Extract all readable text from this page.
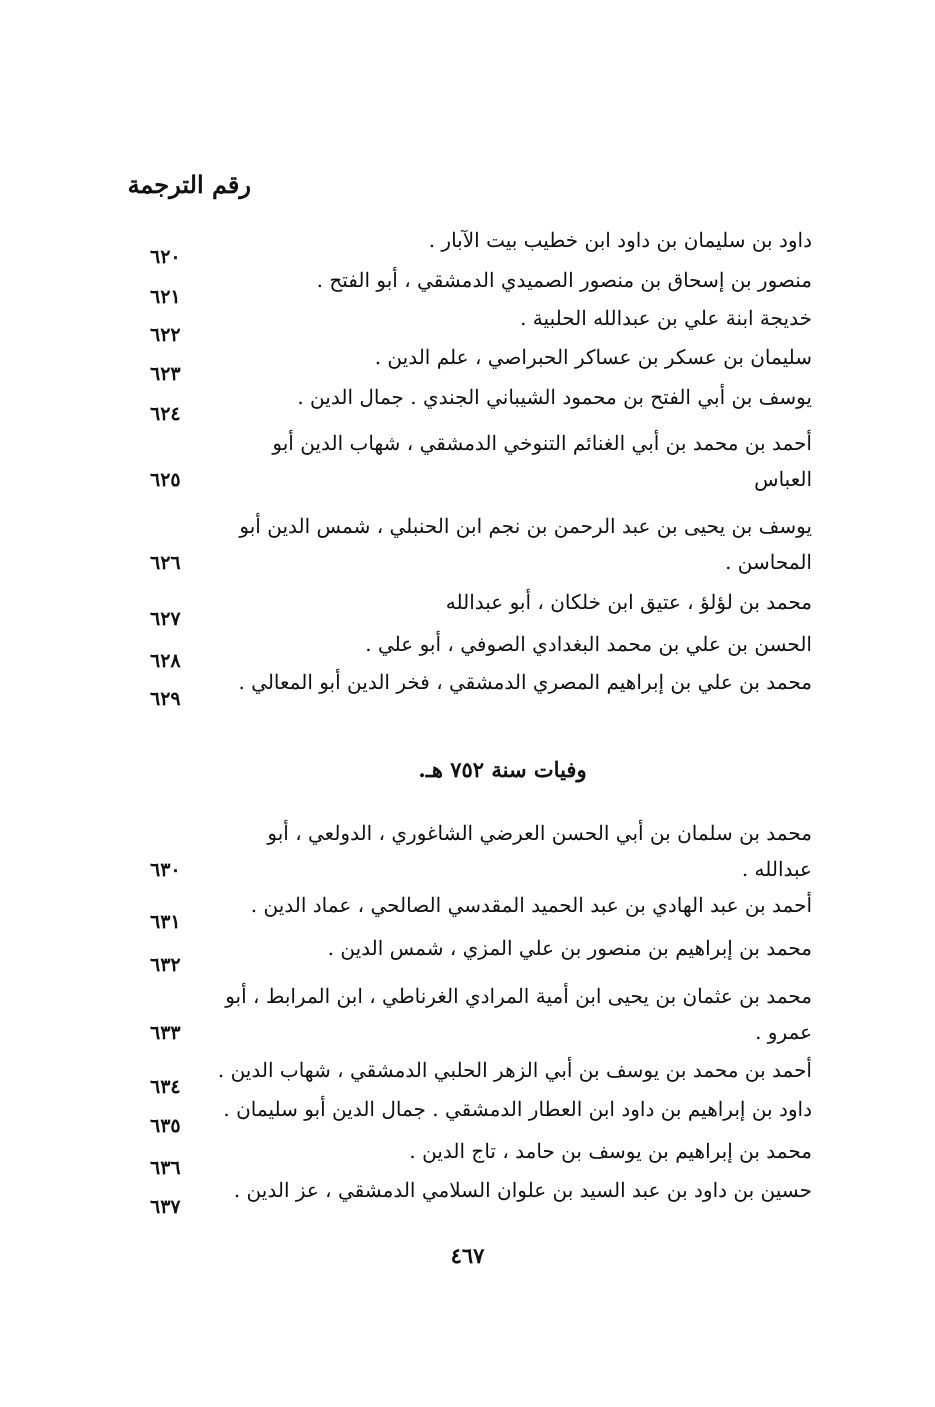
رقم الترجمة
داود بن سليمان بن داود ابن خطيب بيت الآبار .
٦٢٠
منصور بن إسحاق بن منصور الصميدي الدمشقي ، أبو الفتح .
٦٢١
خديجة ابنة علي بن عبدالله الحلبية .
٦٢٢
سليمان بن عسكر بن عساكر الحبراصي ، علم الدين .
٦٢٣
يوسف بن أبي الفتح بن محمود الشيباني الجندي . جمال الدين .
٦٢٤
أحمد بن محمد بن أبي الغنائم التنوخي الدمشقي ، شهاب الدين أبو العباس
٦٢٥
يوسف بن يحيى بن عبد الرحمن بن نجم ابن الحنبلي ، شمس الدين أبو المحاسن .
٦٢٦
محمد بن لؤلؤ ، عتيق ابن خلكان ، أبو عبدالله
٦٢٧
الحسن بن علي بن محمد البغدادي الصوفي ، أبو علي .
٦٢٨
محمد بن علي بن إبراهيم المصري الدمشقي ، فخر الدين أبو المعالي .
٦٢٩
وفيات سنة ٧٥٢ هـ.
محمد بن سلمان بن أبي الحسن العرضي الشاغوري ، الدولعي ، أبو عبدالله .
٦٣٠
أحمد بن عبد الهادي بن عبد الحميد المقدسي الصالحي ، عماد الدين .
٦٣١
محمد بن إبراهيم بن منصور بن علي المزي ، شمس الدين .
٦٣٢
محمد بن عثمان بن يحيى ابن أمية المرادي الغرناطي ، ابن المرابط ، أبو عمرو .
٦٣٣
أحمد بن محمد بن يوسف بن أبي الزهر الحلبي الدمشقي ، شهاب الدين .
٦٣٤
داود بن إبراهيم بن داود ابن العطار الدمشقي . جمال الدين أبو سليمان .
٦٣٥
محمد بن إبراهيم بن يوسف بن حامد ، تاج الدين .
٦٣٦
حسين بن داود بن عبد السيد بن علوان السلامي الدمشقي ، عز الدين .
٦٣٧
٤٦٧
